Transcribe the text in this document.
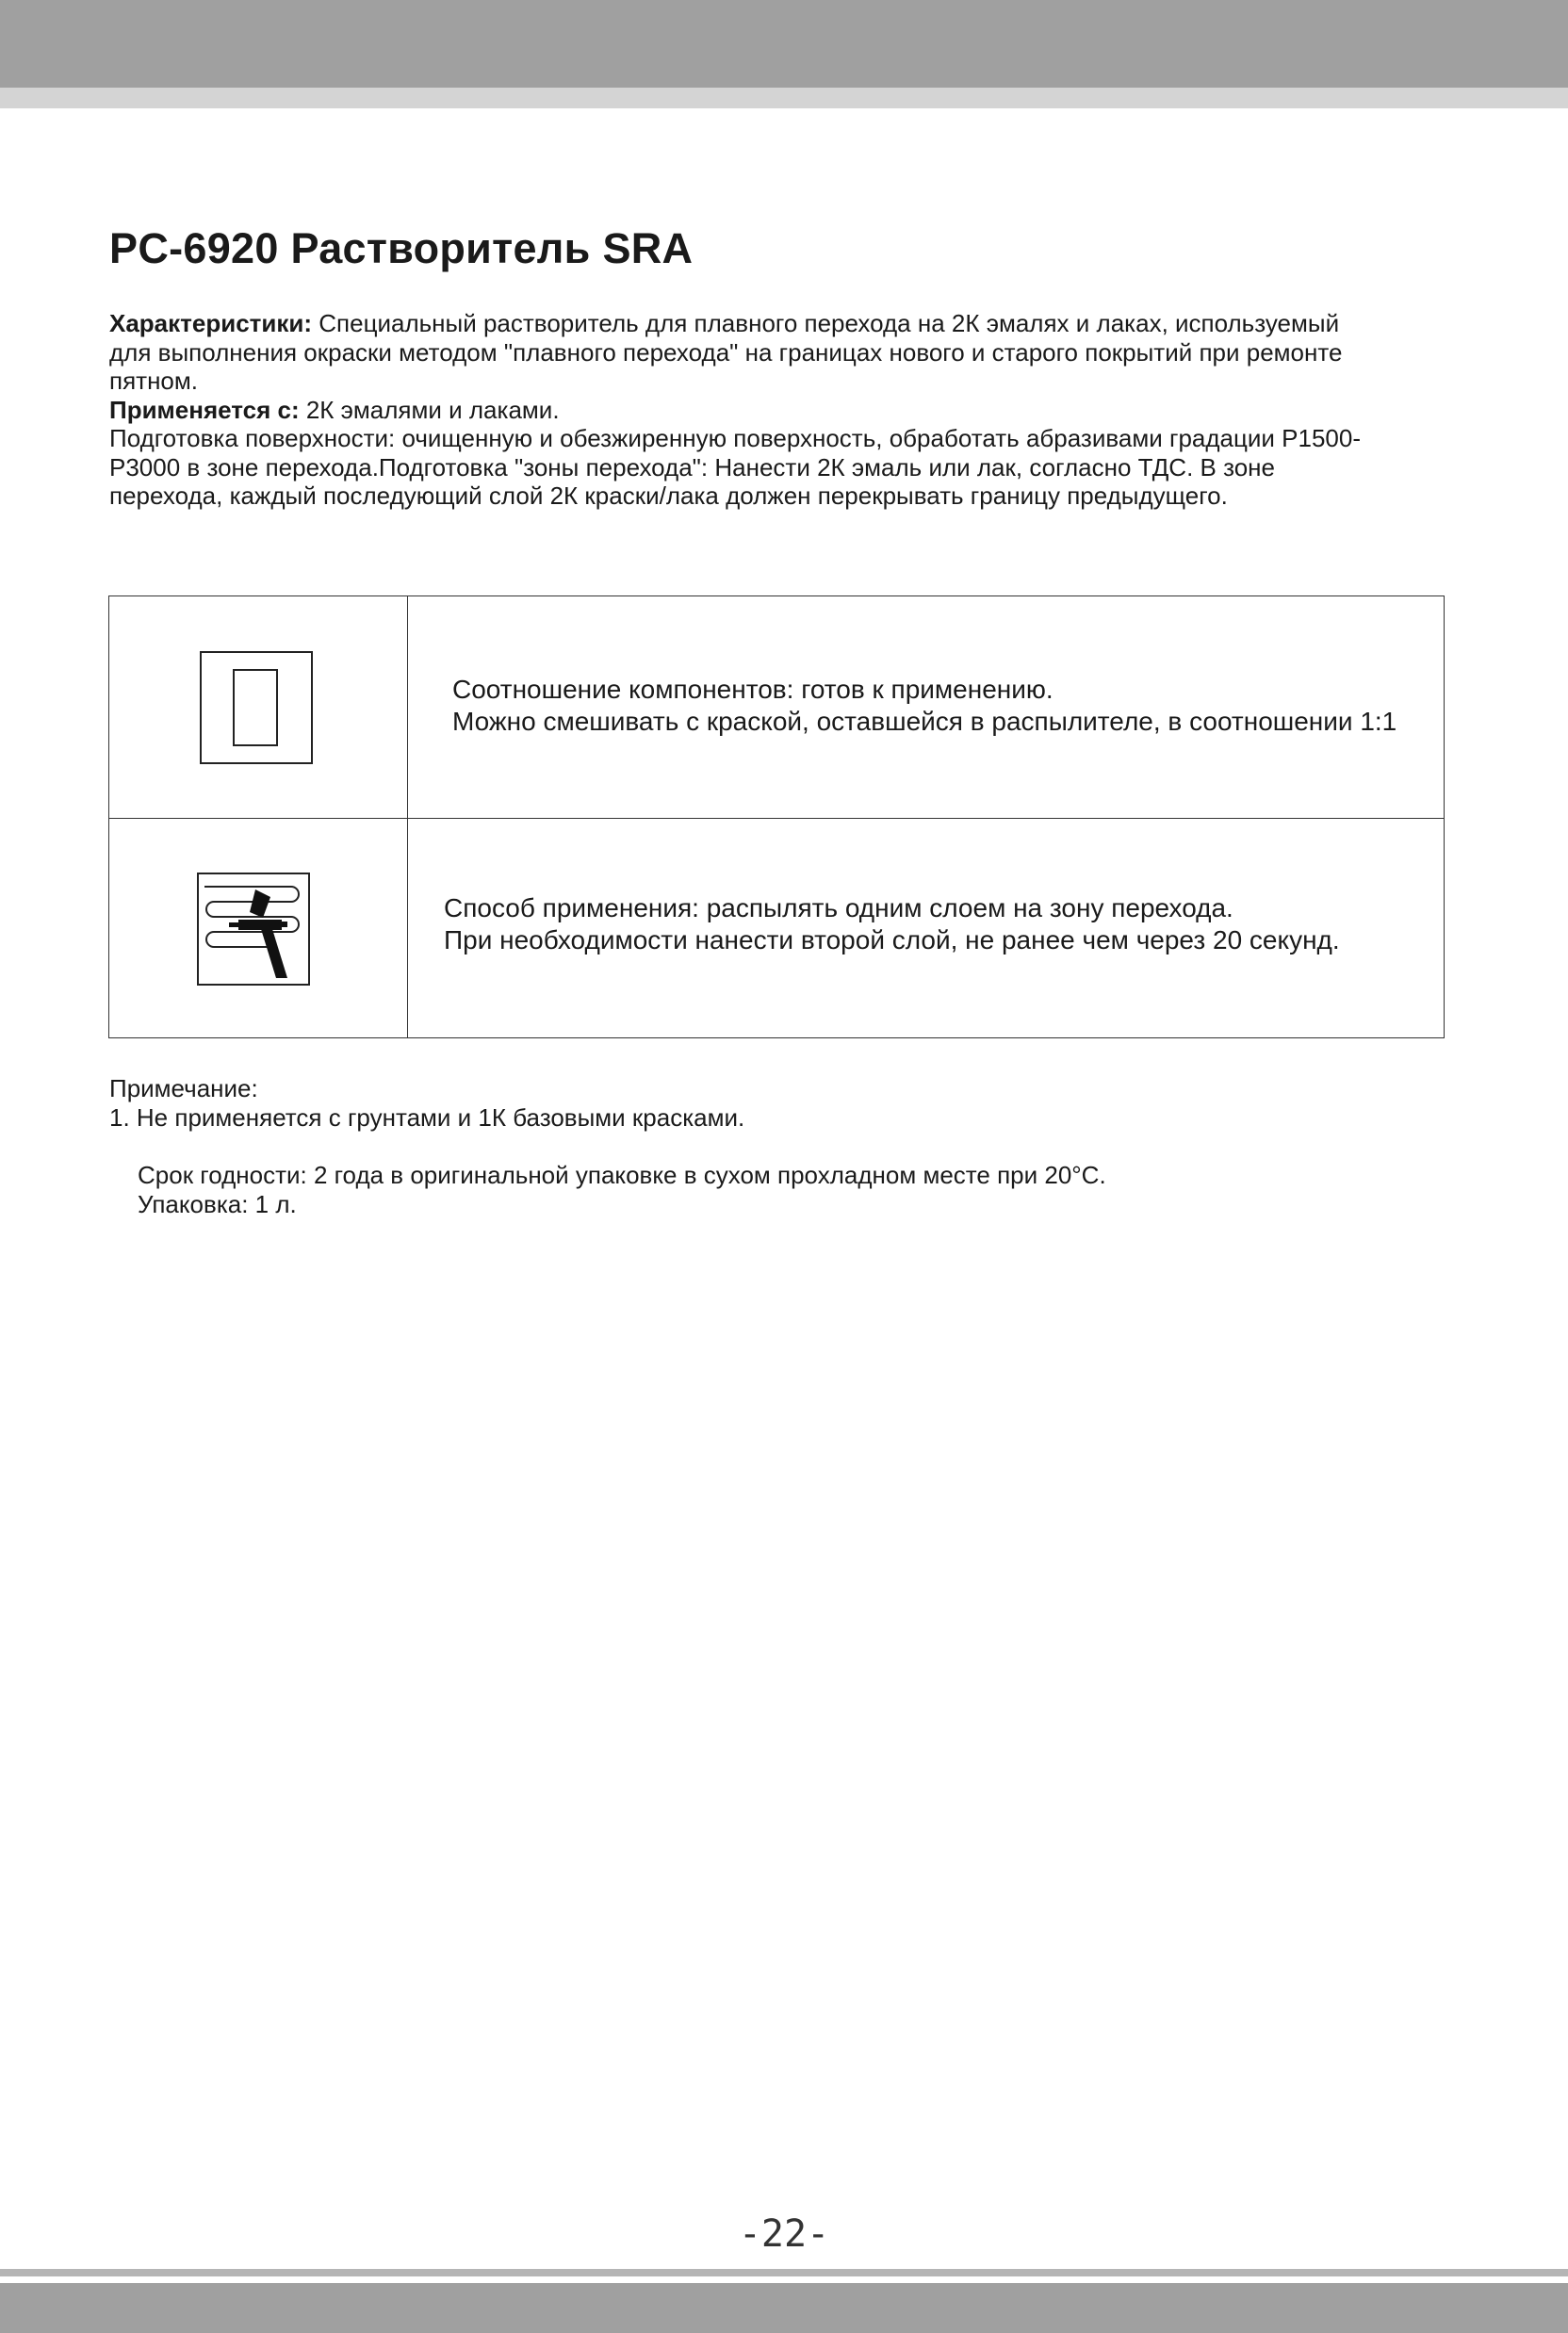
PC-6920 Растворитель SRA

Характеристики: Специальный растворитель для плавного перехода на 2К эмалях и лаках, используемый

для выполнения окраски методом "плавного перехода" на границах нового и старого покрытий при ремонте

пятном.

Применяется с: 2К эмалями и лаками.

Подготовка поверхности: очищенную и обезжиренную поверхность, обработать абразивами градации P1500-

P3000 в зоне перехода.Подготовка "зоны перехода": Нанести 2К эмаль или лак, согласно ТДС. В зоне

перехода, каждый последующий слой 2К краски/лака должен перекрывать границу предыдущего.

Соотношение компонентов: готов к применению.
Можно смешивать с краской, оставшейся в распылителе, в соотношении 1:1
Способ применения: распылять одним слоем на зону перехода.
При необходимости нанести второй слой, не ранее чем через 20 секунд.

Примечание:

1. Не применяется с грунтами и 1К базовыми красками.

Срок годности: 2 года в оригинальной упаковке в сухом прохладном месте при 20°C.

Упаковка: 1 л.

-22-
